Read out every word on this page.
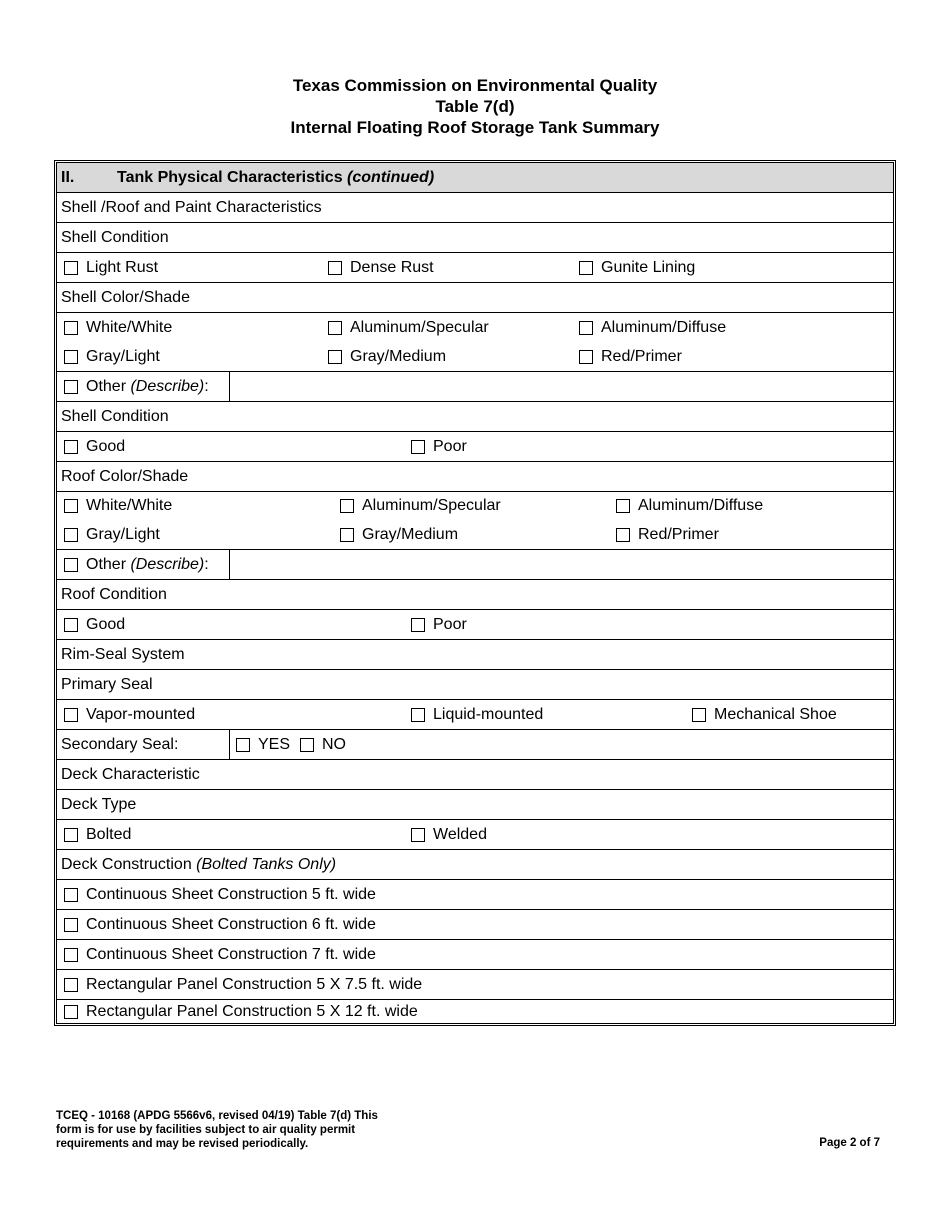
Texas Commission on Environmental Quality
Table 7(d)
Internal Floating Roof Storage Tank Summary
II.	Tank Physical Characteristics (continued)
Shell /Roof and Paint Characteristics
Shell Condition
Light Rust	Dense Rust	Gunite Lining
Shell Color/Shade
White/White	Aluminum/Specular	Aluminum/Diffuse
Gray/Light	Gray/Medium	Red/Primer
Other (Describe):
Shell Condition
Good	Poor
Roof Color/Shade
White/White	Aluminum/Specular	Aluminum/Diffuse
Gray/Light	Gray/Medium	Red/Primer
Other (Describe):
Roof Condition
Good	Poor
Rim-Seal System
Primary Seal
Vapor-mounted	Liquid-mounted	Mechanical Shoe
Secondary Seal:	YES NO
Deck Characteristic
Deck Type
Bolted	Welded
Deck Construction (Bolted Tanks Only)
Continuous Sheet Construction 5 ft. wide
Continuous Sheet Construction 6 ft. wide
Continuous Sheet Construction 7 ft. wide
Rectangular Panel Construction 5 X 7.5 ft. wide
Rectangular Panel Construction 5 X 12 ft. wide
TCEQ - 10168 (APDG 5566v6, revised 04/19) Table 7(d) This
form is for use by facilities subject to air quality permit
requirements and may be revised periodically.	Page 2 of 7
